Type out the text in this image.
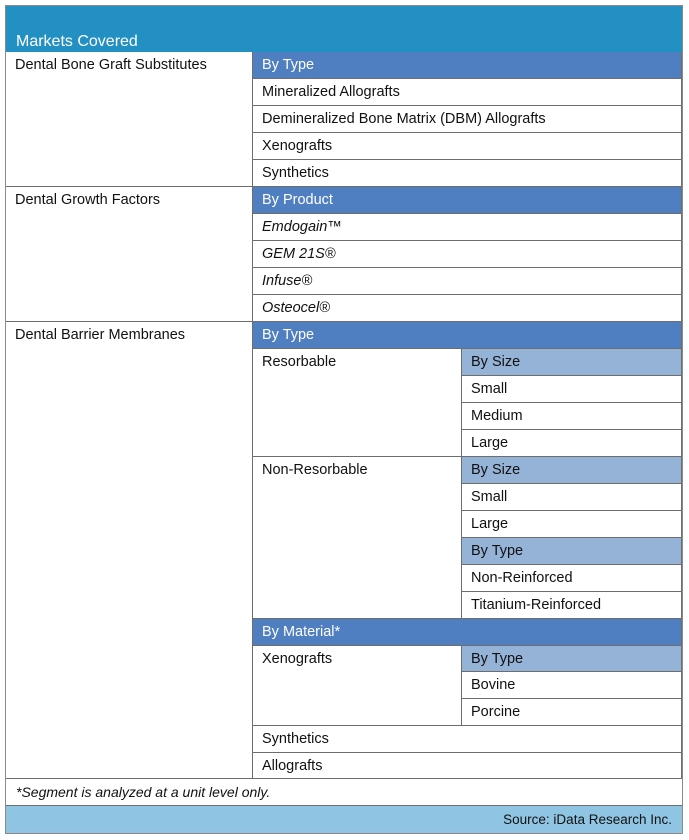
Markets Covered
Dental Bone Graft Substitutes	By Type
Mineralized Allografts
Demineralized Bone Matrix (DBM) Allografts
Xenografts
Synthetics
Dental Growth Factors	By Product
Emdogain™
GEM 21S®
Infuse®
Osteocel®
Dental Barrier Membranes	By Type
Resorbable	By Size
Small
Medium
Large
Non-Resorbable	By Size
Small
Large
By Type
Non-Reinforced
Titanium-Reinforced
By Material*
Xenografts	By Type
Bovine
Porcine
Synthetics
Allografts
*Segment is analyzed at a unit level only.
Source: iData Research Inc.
